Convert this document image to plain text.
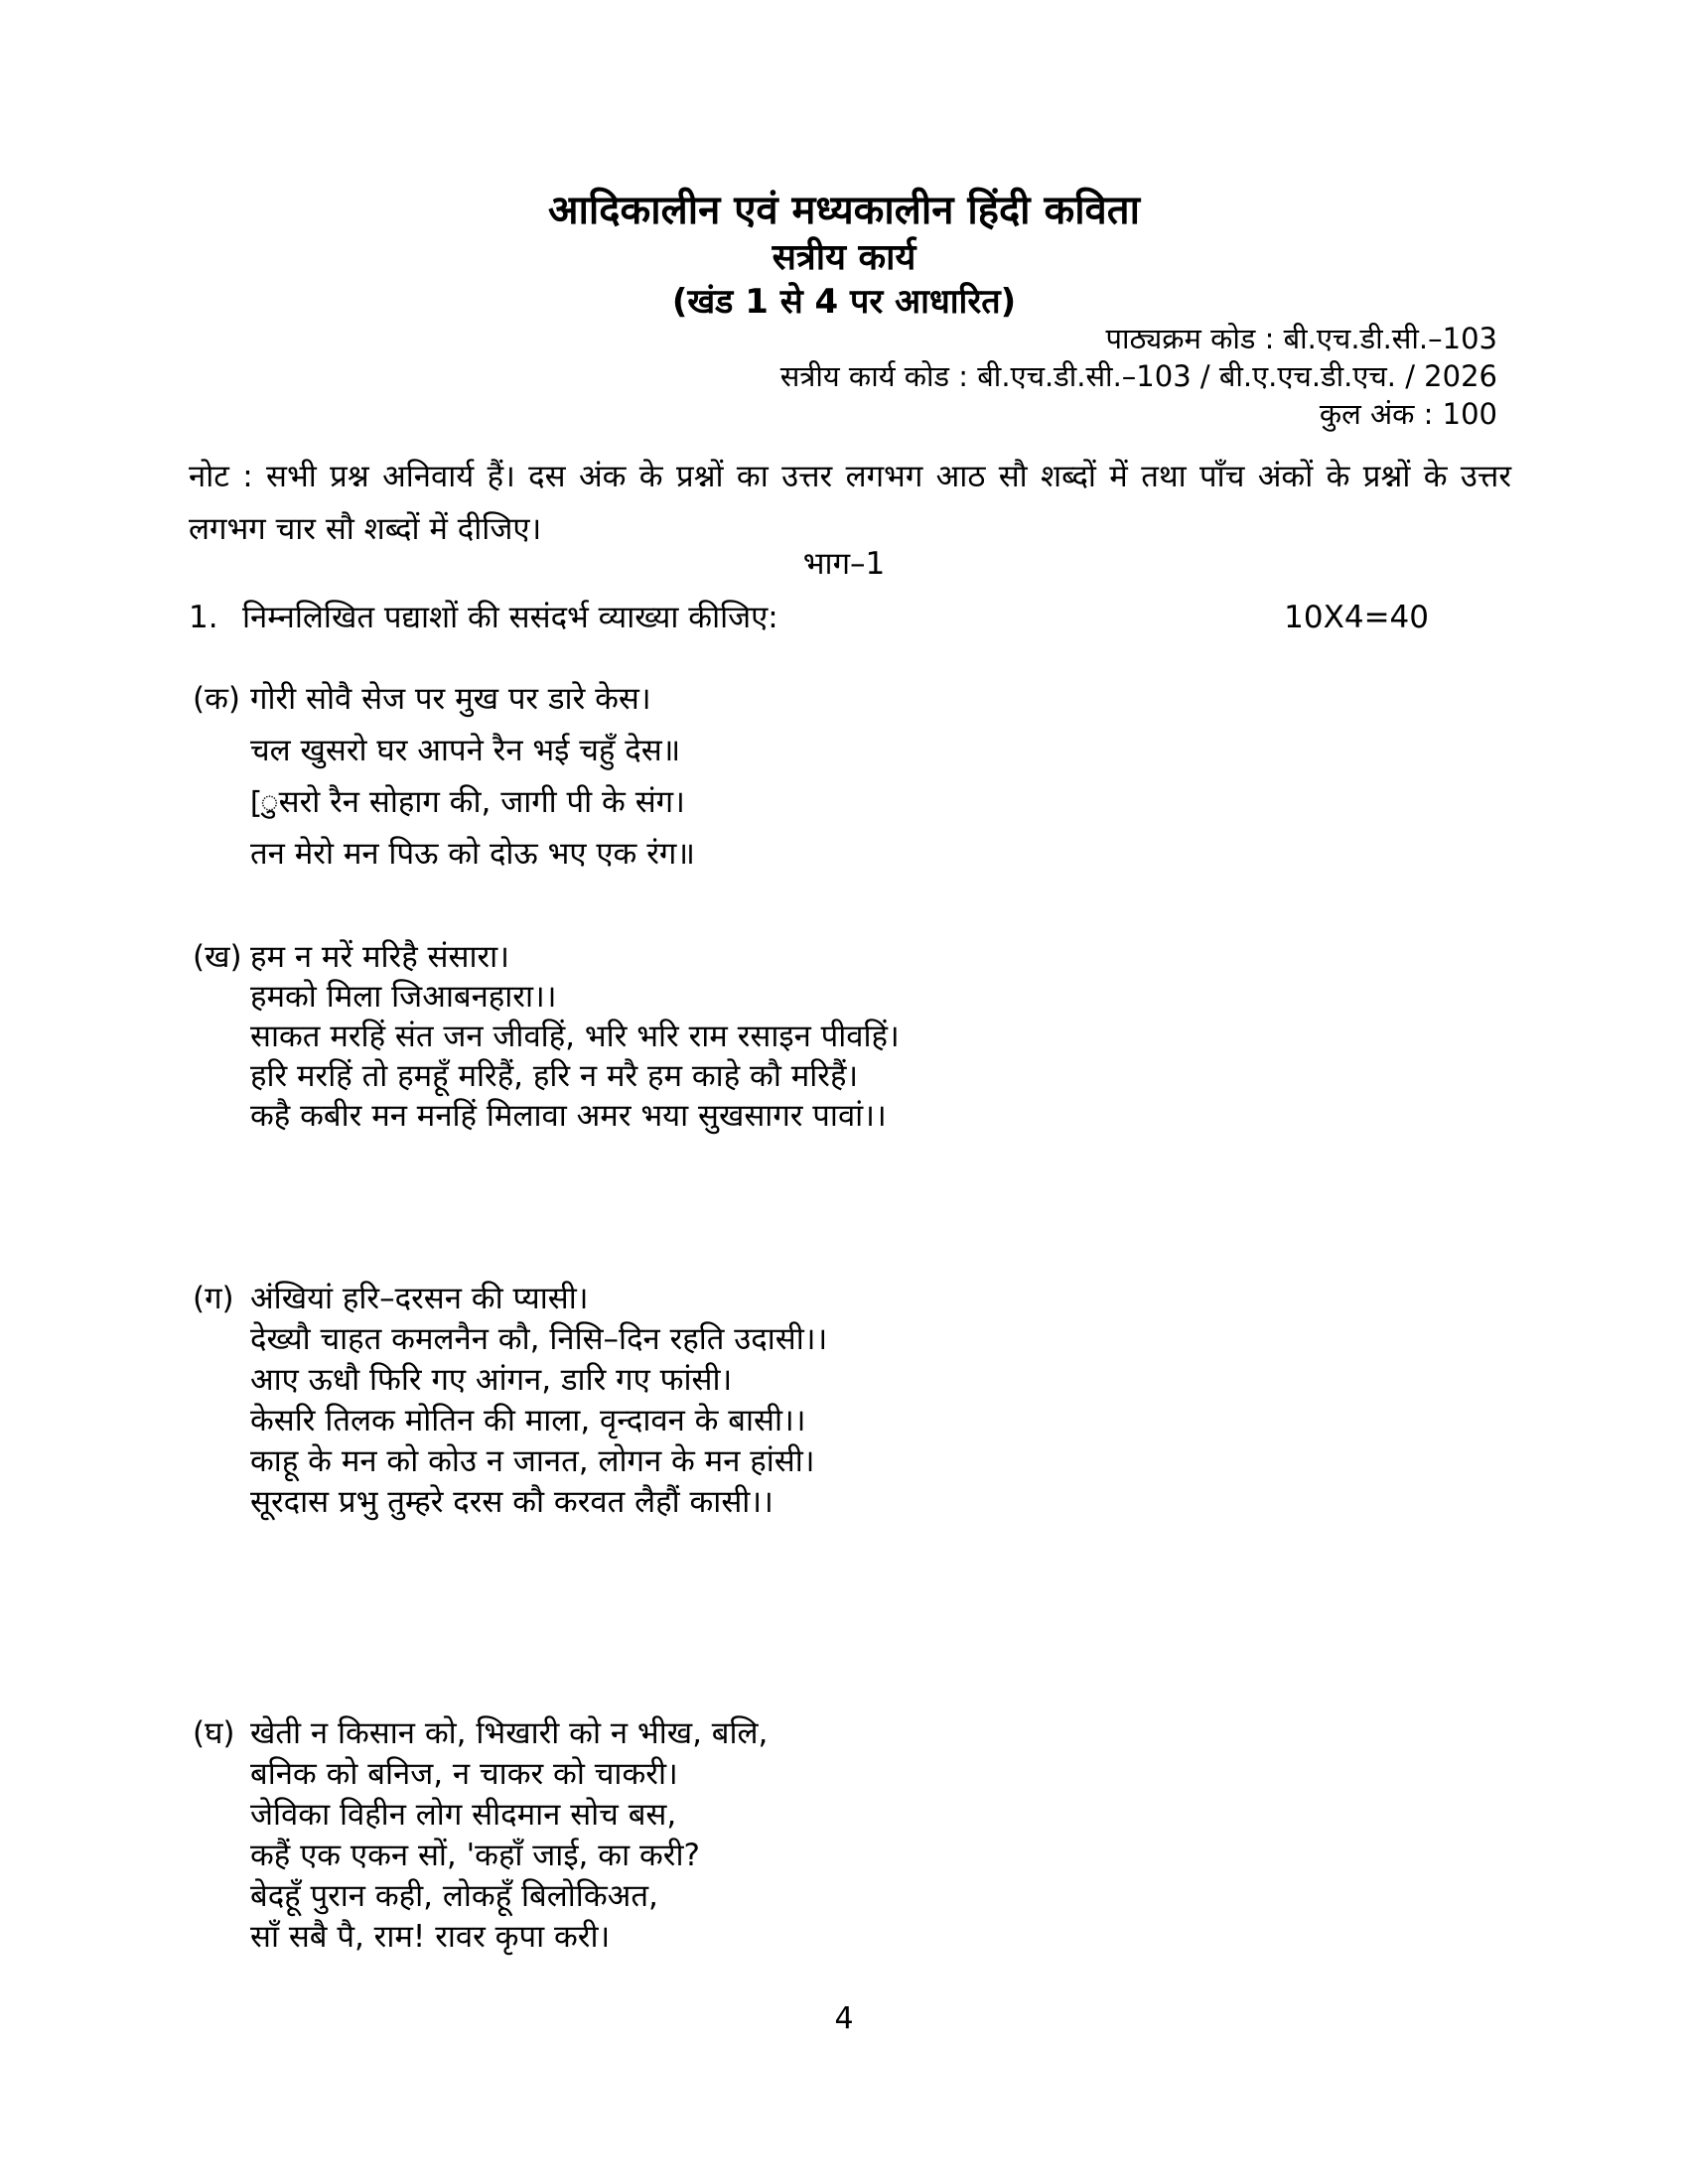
आदिकालीन एवं मध्यकालीन हिंदी कविता
सत्रीय कार्य
(खंड 1 से 4 पर आधारित)
पाठ्यक्रम कोड : बी.एच.डी.सी.–103
सत्रीय कार्य कोड : बी.एच.डी.सी.–103 / बी.ए.एच.डी.एच. / 2026
कुल अंक : 100

नोट : सभी प्रश्न अनिवार्य हैं। दस अंक के प्रश्नों का उत्तर लगभग आठ सौ शब्दों में तथा पाँच अंकों के प्रश्नों के उत्तर लगभग चार सौ शब्दों में दीजिए।

भाग–1
1. निम्नलिखित पद्याशों की ससंदर्भ व्याख्या कीजिए:	10X4=40
(क) गोरी सोवै सेज पर मुख पर डारे केस।
चल खुसरो घर आपने रैन भई चहुँ देस॥
[ुसरो रैन सोहाग की, जागी पी के संग।
तन मेरो मन पिऊ को दोऊ भए एक रंग॥
(ख) हम न मरें मरिहै संसारा।
हमको मिला जिआबनहारा।।
साकत मरहिं संत जन जीवहिं, भरि भरि राम रसाइन पीवहिं।
हरि मरहिं तो हमहूँ मरिहैं, हरि न मरै हम काहे कौ मरिहैं।
कहै कबीर मन मनहिं मिलावा अमर भया सुखसागर पावां।।
(ग) अंखियां हरि–दरसन की प्यासी।
देख्यौ चाहत कमलनैन कौ, निसि–दिन रहति उदासी।।
आए ऊधौ फिरि गए आंगन, डारि गए फांसी।
केसरि तिलक मोतिन की माला, वृन्दावन के बासी।।
काहू के मन को कोउ न जानत, लोगन के मन हांसी।
सूरदास प्रभु तुम्हरे दरस कौ करवत लैहौं कासी।।
(घ) खेती न किसान को, भिखारी को न भीख, बलि,
बनिक को बनिज, न चाकर को चाकरी।
जेविका विहीन लोग सीदमान सोच बस,
कहैं एक एकन सों, 'कहाँ जाई, का करी?
बेदहूँ पुरान कही, लोकहूँ बिलोकिअत,
साँ सबै पै, राम! रावर कृपा करी।
4
